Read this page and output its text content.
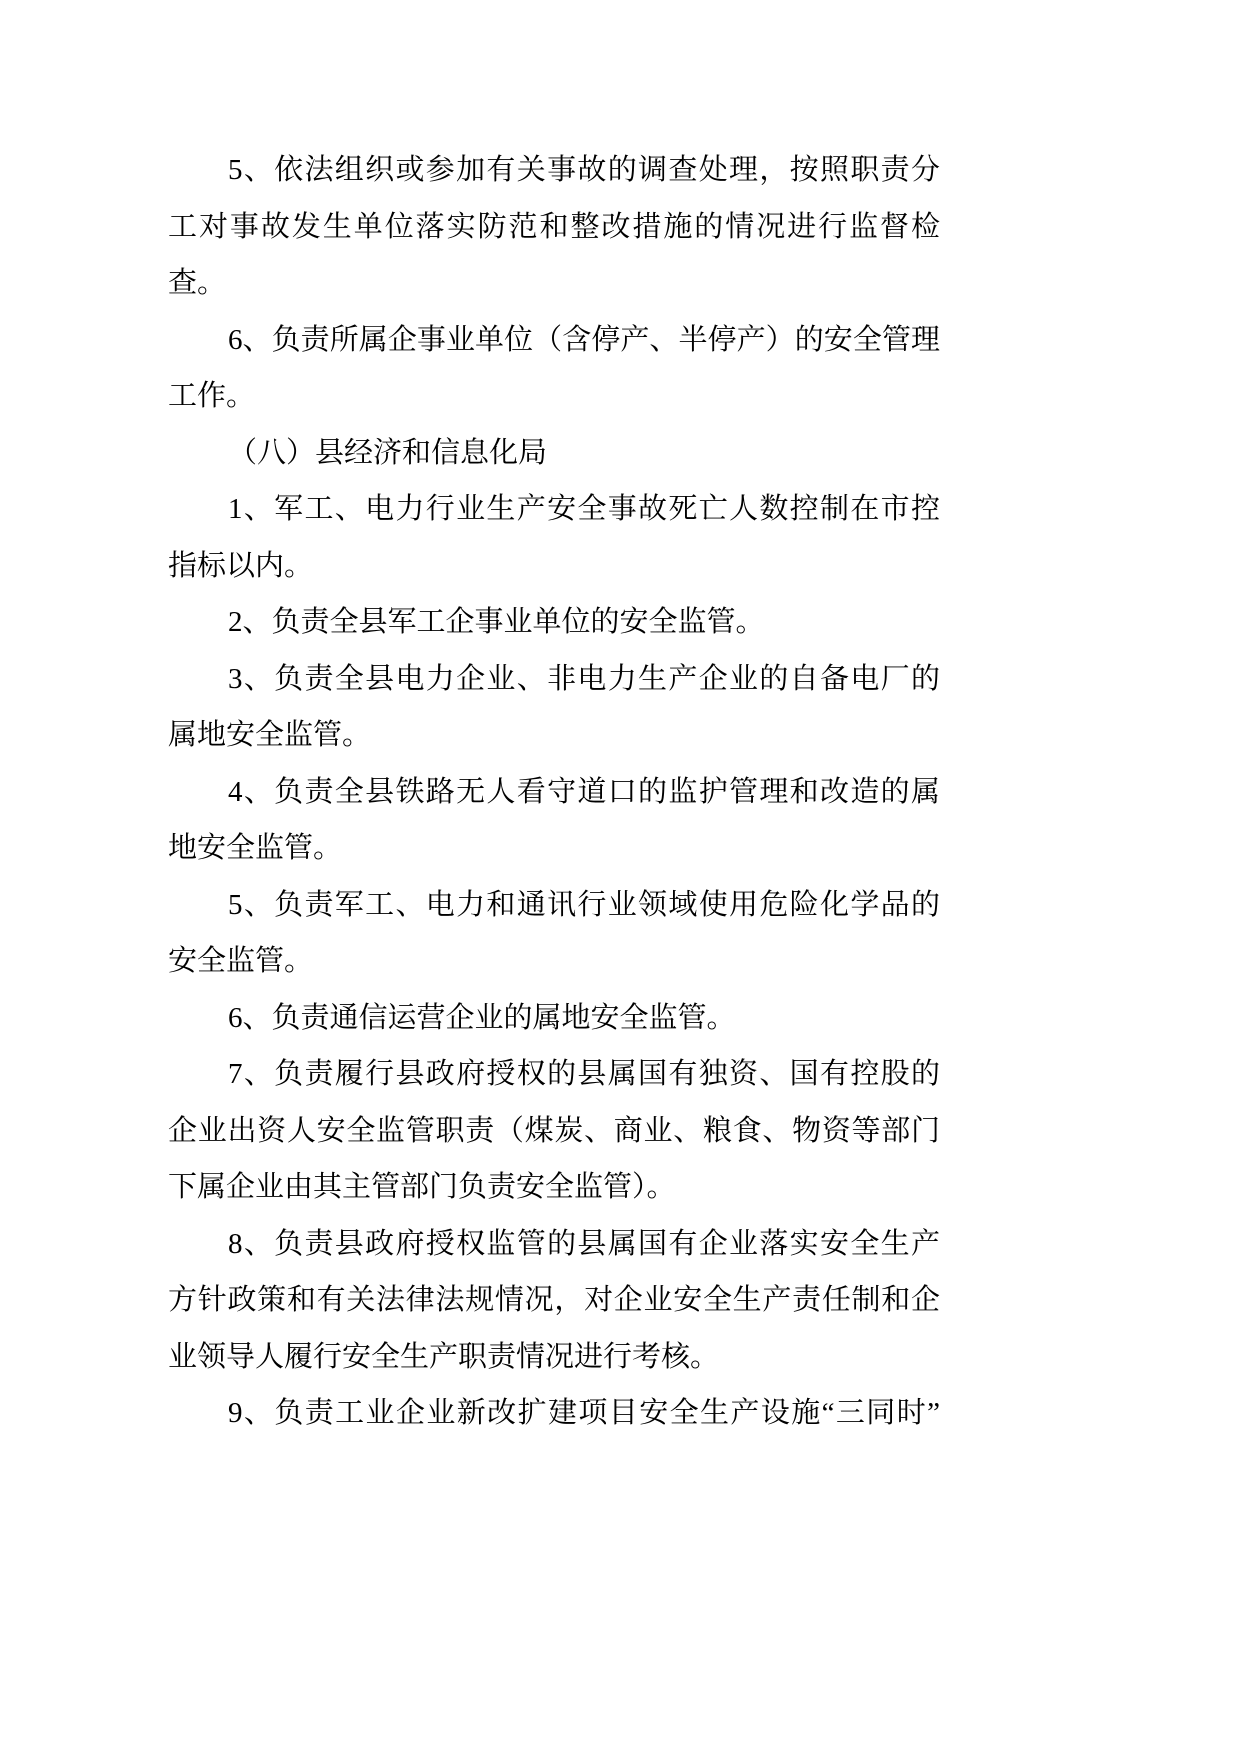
5、依法组织或参加有关事故的调查处理，按照职责分
工对事故发生单位落实防范和整改措施的情况进行监督检
查。
6、负责所属企事业单位（含停产、半停产）的安全管理
工作。
（八）县经济和信息化局
1、军工、电力行业生产安全事故死亡人数控制在市控
指标以内。
2、负责全县军工企事业单位的安全监管。
3、负责全县电力企业、非电力生产企业的自备电厂的
属地安全监管。
4、负责全县铁路无人看守道口的监护管理和改造的属
地安全监管。
5、负责军工、电力和通讯行业领域使用危险化学品的
安全监管。
6、负责通信运营企业的属地安全监管。
7、负责履行县政府授权的县属国有独资、国有控股的
企业出资人安全监管职责（煤炭、商业、粮食、物资等部门
下属企业由其主管部门负责安全监管）。
8、负责县政府授权监管的县属国有企业落实安全生产
方针政策和有关法律法规情况，对企业安全生产责任制和企
业领导人履行安全生产职责情况进行考核。
9、负责工业企业新改扩建项目安全生产设施“三同时”
